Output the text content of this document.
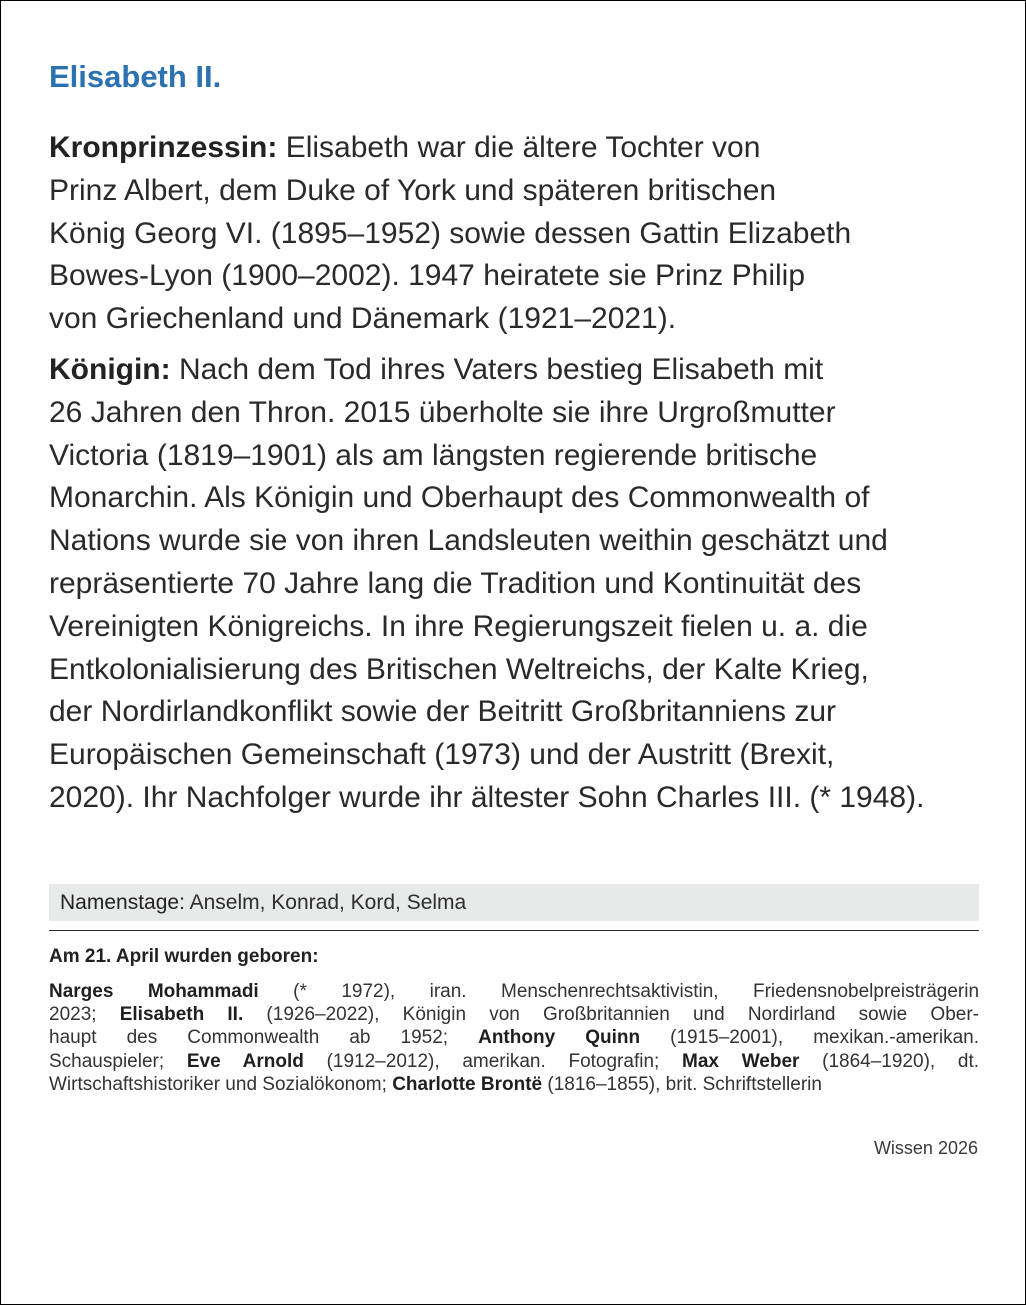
Elisabeth II.

Kronprinzessin: Elisabeth war die ältere Tochter von
Prinz Albert, dem Duke of York und späteren britischen
König Georg VI. (1895–1952) sowie dessen Gattin Elizabeth
Bowes-Lyon (1900–2002). 1947 heiratete sie Prinz Philip
von Griechenland und Dänemark (1921–2021).

Königin: Nach dem Tod ihres Vaters bestieg Elisabeth mit
26 Jahren den Thron. 2015 überholte sie ihre Urgroßmutter
Victoria (1819–1901) als am längsten regierende britische
Monarchin. Als Königin und Oberhaupt des Commonwealth of
Nations wurde sie von ihren Landsleuten weithin geschätzt und
repräsentierte 70 Jahre lang die Tradition und Kontinuität des
Vereinigten Königreichs. In ihre Regierungszeit fielen u. a. die
Entkolonialisierung des Britischen Weltreichs, der Kalte Krieg,
der Nordirlandkonflikt sowie der Beitritt Großbritanniens zur
Europäischen Gemeinschaft (1973) und der Austritt (Brexit,
2020). Ihr Nachfolger wurde ihr ältester Sohn Charles III. (* 1948).

Namenstage: Anselm, Konrad, Kord, Selma
Am 21. April wurden geboren:

Narges Mohammadi (* 1972), iran. Menschenrechtsaktivistin, Friedensnobelpreisträgerin
2023; Elisabeth II. (1926–2022), Königin von Großbritannien und Nordirland sowie Ober-
haupt des Commonwealth ab 1952; Anthony Quinn (1915–2001), mexikan.-amerikan.
Schauspieler; Eve Arnold (1912–2012), amerikan. Fotografin; Max Weber (1864–1920), dt.
Wirtschaftshistoriker und Sozialökonom; Charlotte Brontë (1816–1855), brit. Schriftstellerin

Wissen 2026
